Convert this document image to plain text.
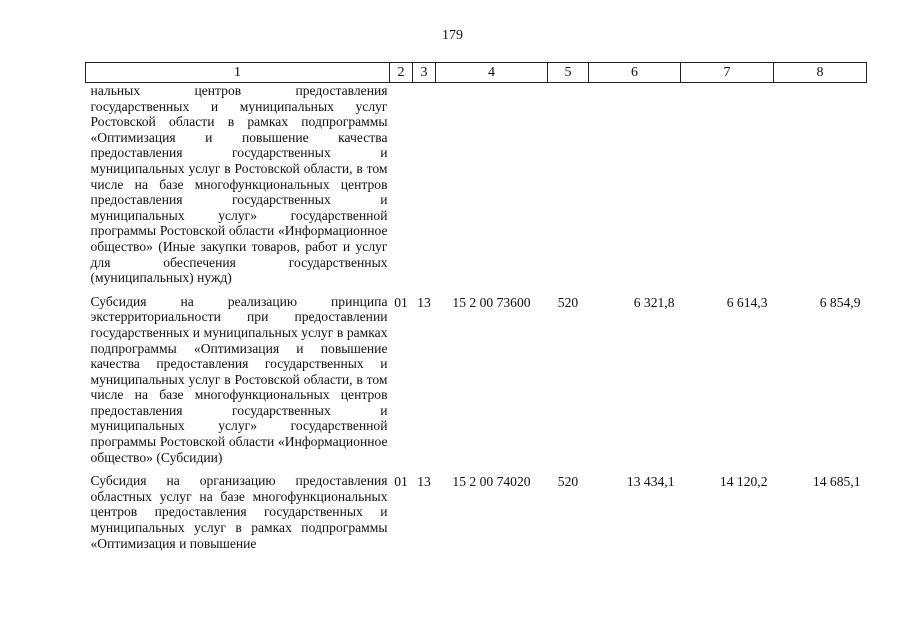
179
1	2	3	4	5	6	7	8
нальных центров предоставления государственных и муниципальных услуг Ростовской области в рамках подпрограммы «Оптимизация и повышение качества предоставления государственных и муниципальных услуг в Ростовской области, в том числе на базе многофункциональных центров предоставления государственных и муниципальных услуг» государственной программы Ростовской области «Информационное общество» (Иные закупки товаров, работ и услуг для обеспечения государственных (муниципальных) нужд)							
Субсидия на реализацию принципа экстерриториальности при предоставлении государственных и муниципальных услуг в рамках подпрограммы «Оптимизация и повышение качества предоставления государственных и муниципальных услуг в Ростовской области, в том числе на базе многофункциональных центров предоставления государственных и муниципальных услуг» государственной программы Ростовской области «Информационное общество» (Субсидии)	01	13	15 2 00 73600	520	6 321,8	6 614,3	6 854,9
Субсидия на организацию предоставления областных услуг на базе многофункциональных центров предоставления государственных и муниципальных услуг в рамках подпрограммы «Оптимизация и повышение	01	13	15 2 00 74020	520	13 434,1	14 120,2	14 685,1
